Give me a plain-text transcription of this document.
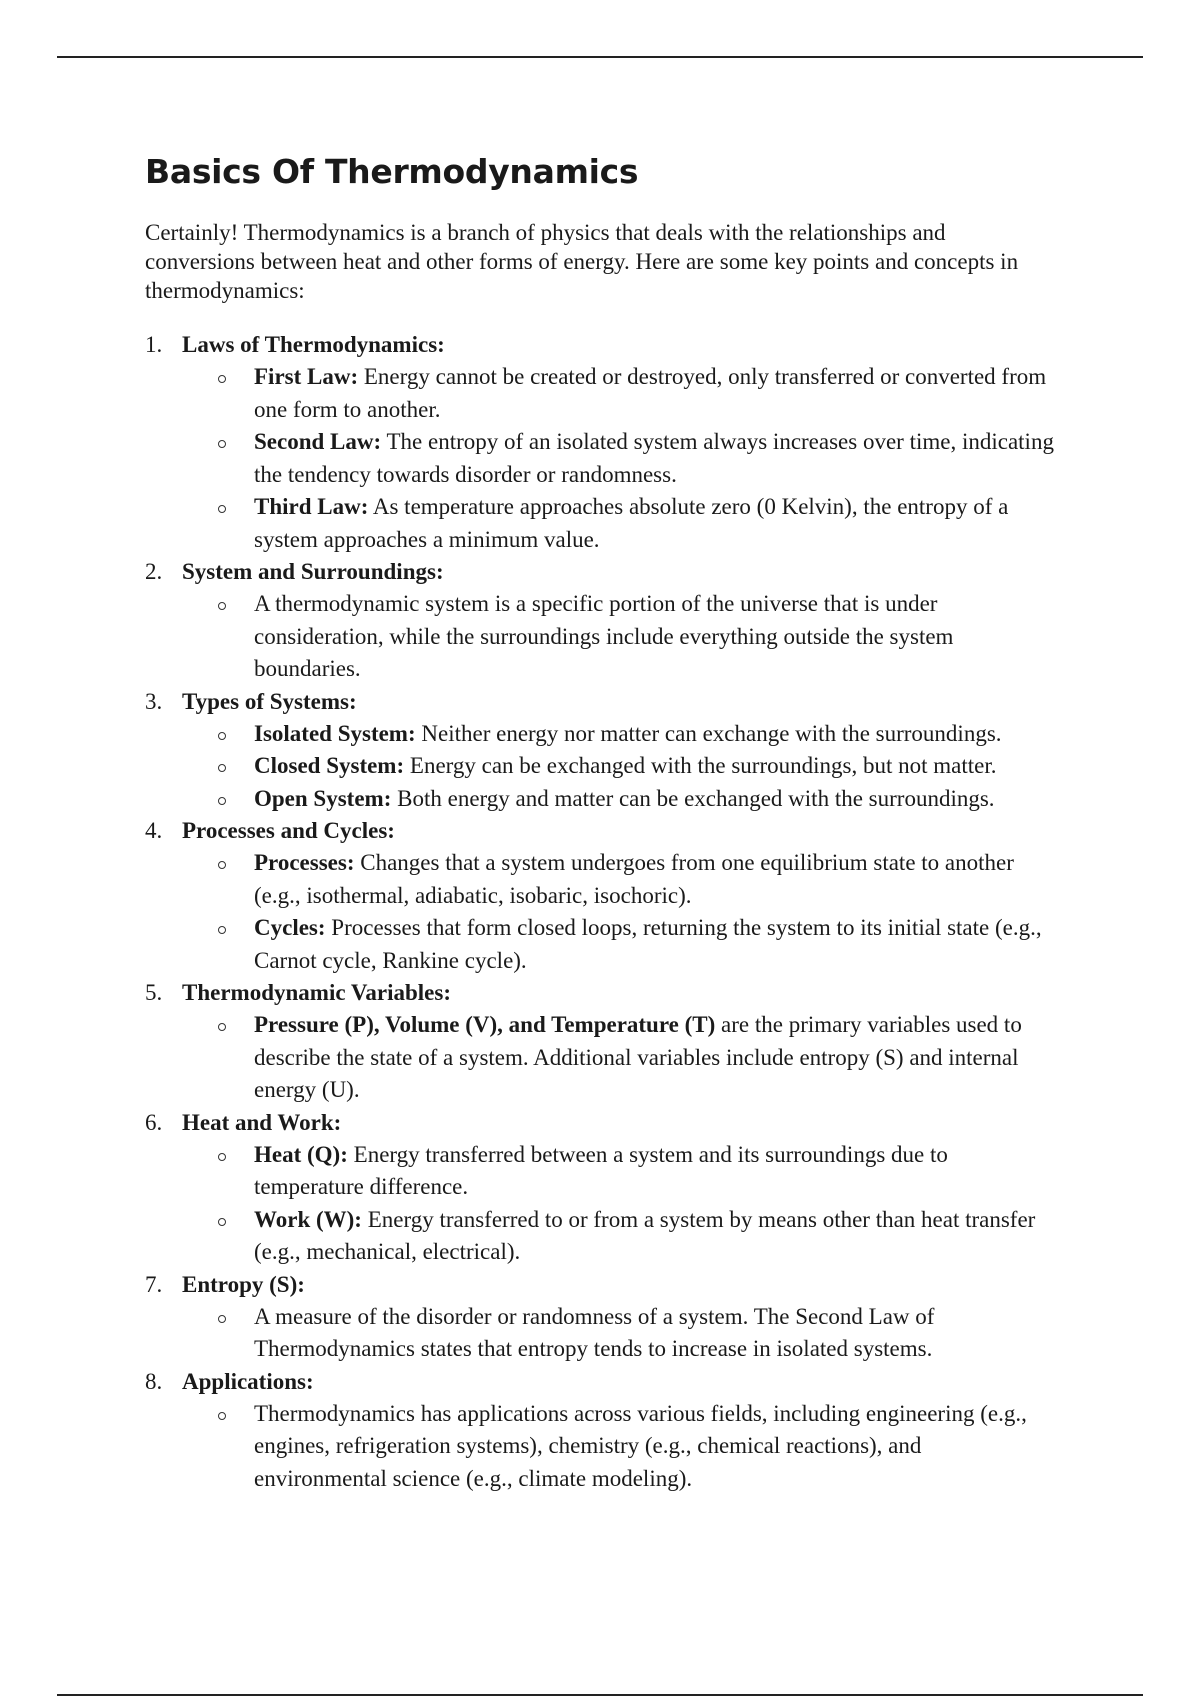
Basics Of Thermodynamics

Certainly! Thermodynamics is a branch of physics that deals with the relationships and conversions between heat and other forms of energy. Here are some key points and concepts in thermodynamics:

1. Laws of Thermodynamics:
First Law: Energy cannot be created or destroyed, only transferred or converted from one form to another.
Second Law: The entropy of an isolated system always increases over time, indicating the tendency towards disorder or randomness.
Third Law: As temperature approaches absolute zero (0 Kelvin), the entropy of a system approaches a minimum value.
2. System and Surroundings:
A thermodynamic system is a specific portion of the universe that is under consideration, while the surroundings include everything outside the system boundaries.
3. Types of Systems:
Isolated System: Neither energy nor matter can exchange with the surroundings.
Closed System: Energy can be exchanged with the surroundings, but not matter.
Open System: Both energy and matter can be exchanged with the surroundings.
4. Processes and Cycles:
Processes: Changes that a system undergoes from one equilibrium state to another (e.g., isothermal, adiabatic, isobaric, isochoric).
Cycles: Processes that form closed loops, returning the system to its initial state (e.g., Carnot cycle, Rankine cycle).
5. Thermodynamic Variables:
Pressure (P), Volume (V), and Temperature (T) are the primary variables used to describe the state of a system. Additional variables include entropy (S) and internal energy (U).
6. Heat and Work:
Heat (Q): Energy transferred between a system and its surroundings due to temperature difference.
Work (W): Energy transferred to or from a system by means other than heat transfer (e.g., mechanical, electrical).
7. Entropy (S):
A measure of the disorder or randomness of a system. The Second Law of Thermodynamics states that entropy tends to increase in isolated systems.
8. Applications:
Thermodynamics has applications across various fields, including engineering (e.g., engines, refrigeration systems), chemistry (e.g., chemical reactions), and environmental science (e.g., climate modeling).
